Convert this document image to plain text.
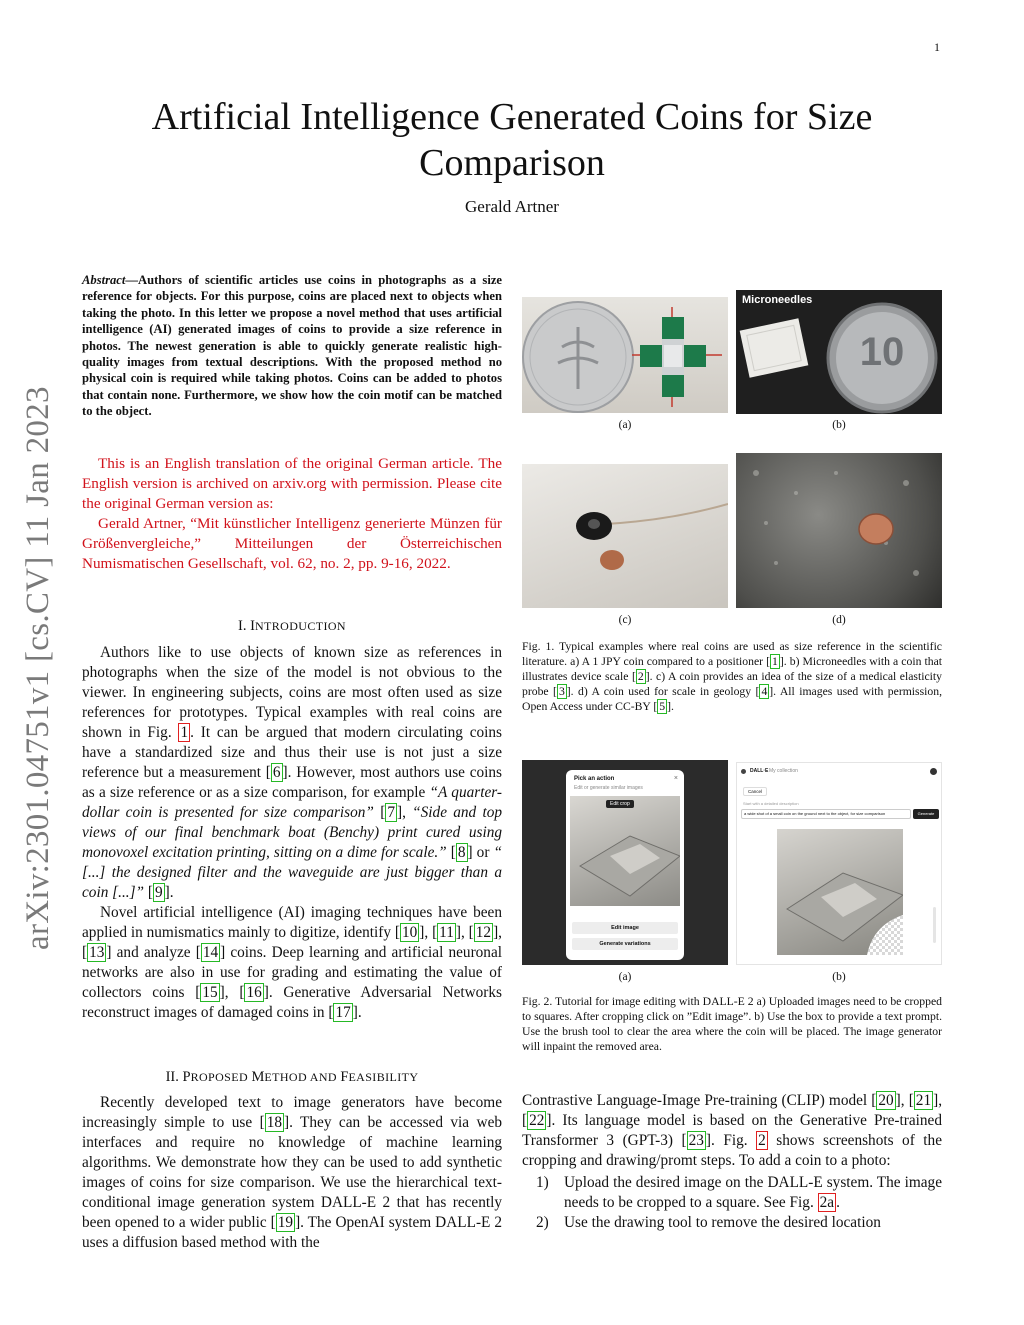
1
Artificial Intelligence Generated Coins for Size Comparison
Gerald Artner
arXiv:2301.04751v1 [cs.CV] 11 Jan 2023
Abstract—Authors of scientific articles use coins in photographs as a size reference for objects. For this purpose, coins are placed next to objects when taking the photo. In this letter we propose a novel method that uses artificial intelligence (AI) generated images of coins to provide a size reference in photos. The newest generation is able to quickly generate realistic high-quality images from textual descriptions. With the proposed method no physical coin is required while taking photos. Coins can be added to photos that contain none. Furthermore, we show how the coin motif can be matched to the object.
This is an English translation of the original German article. The English version is archived on arxiv.org with permission. Please cite the original German version as:
Gerald Artner, “Mit künstlicher Intelligenz generierte Münzen für Größenvergleiche,” Mitteilungen der Österreichischen Numismatischen Gesellschaft, vol. 62, no. 2, pp. 9-16, 2022.
I. INTRODUCTION

Authors like to use objects of known size as references in photographs when the size of the model is not obvious to the viewer. In engineering subjects, coins are most often used as size references for prototypes. Typical examples with real coins are shown in Fig. 1 . It can be argued that modern circulating coins have a standardized size and thus their use is not just a size reference but a measurement [ 6 ]. However, most authors use coins as a size reference or as a size comparison, for example “A quarter-dollar coin is presented for size comparison” [ 7 ], “Side and top views of our final benchmark boat (Benchy) print cured using monovoxel excitation printing, sitting on a dime for scale.” [ 8 ] or “ [...] the designed filter and the waveguide are just bigger than a coin [...]” [ 9 ].

Novel artificial intelligence (AI) imaging techniques have been applied in numismatics mainly to digitize, identify [ 10 ], [ 11 ], [ 12 ], [ 13 ] and analyze [ 14 ] coins. Deep learning and artificial neuronal networks are also in use for grading and estimating the value of collectors coins [ 15 ], [ 16 ]. Generative Adversarial Networks reconstruct images of damaged coins in [ 17 ].

II. PROPOSED METHOD AND FEASIBILITY

Recently developed text to image generators have become increasingly simple to use [ 18 ]. They can be accessed via web interfaces and require no knowledge of machine learning algorithms. We demonstrate how they can be used to add synthetic images of coins for size comparison. We use the hierarchical text-conditional image generation system DALL-E 2 that has recently been opened to a wider public [ 19 ]. The OpenAI system DALL-E 2 uses a diffusion based method with the

Microneedles
10
(a)	(b)
(c)	(d)
Fig. 1. Typical examples where real coins are used as size reference in the scientific literature. a) A 1 JPY coin compared to a positioner [ 1 ]. b) Microneedles with a coin that illustrates device scale [ 2 ]. c) A coin provides an idea of the size of a medical elasticity probe [ 3 ]. d) A coin used for scale in geology [ 4 ]. All images used with permission, Open Access under CC-BY [ 5 ].
Pick an action
Edit or generate similar images
×
Edit crop
Edit image
Generate variations
DALL·E My collection
Cancel
Start with a detailed description
a wide shot of a small coin on the ground next to the object, for size comparison	Generate
(a)	(b)
Fig. 2. Tutorial for image editing with DALL-E 2 a) Uploaded images need to be cropped to squares. After cropping click on ”Edit image”. b) Use the box to provide a text prompt. Use the brush tool to clear the area where the coin will be placed. The image generator will inpaint the removed area.
Contrastive Language-Image Pre-training (CLIP) model [ 20 ], [ 21 ], [ 22 ]. Its language model is based on the Generative Pre-trained Transformer 3 (GPT-3) [ 23 ]. Fig. 2 shows screenshots of the cropping and drawing/promt steps. To add a coin to a photo:
1) Upload the desired image on the DALL-E system. The image needs to be cropped to a square. See Fig. 2a .
2) Use the drawing tool to remove the desired location
